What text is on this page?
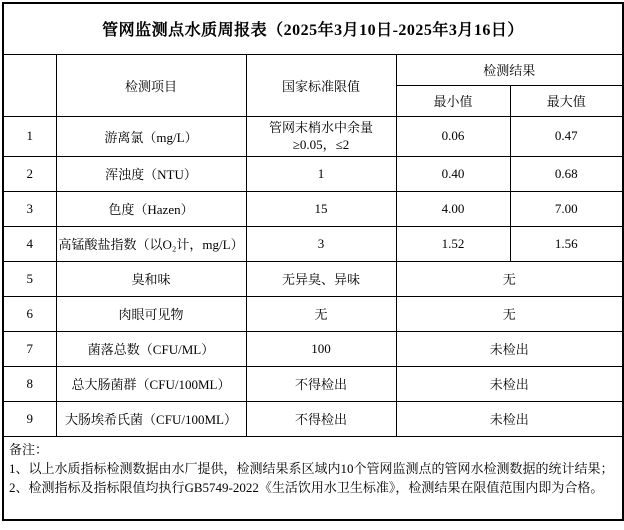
管网监测点水质周报表（2025年3月10日-2025年3月16日）				
	检测项目	国家标准限值	检测结果	
			最小值	最大值
1	游离氯（mg/L）	管网末梢水中余量≥0.05，≤2	0.06	0.47
2	浑浊度（NTU）	1	0.40	0.68
3	色度（Hazen）	15	4.00	7.00
4	高锰酸盐指数（以O₂计，mg/L）	3	1.52	1.56
5	臭和味	无异臭、异味	无	
6	肉眼可见物	无	无	
7	菌落总数（CFU/ML）	100	未检出	
8	总大肠菌群（CFU/100ML）	不得检出	未检出	
9	大肠埃希氏菌（CFU/100ML）	不得检出	未检出	

备注：
1、以上水质指标检测数据由水厂提供，检测结果系区域内10个管网监测点的管网水检测数据的统计结果；
2、检测指标及指标限值均执行GB5749-2022《生活饮用水卫生标准》，检测结果在限值范围内即为合格。				
